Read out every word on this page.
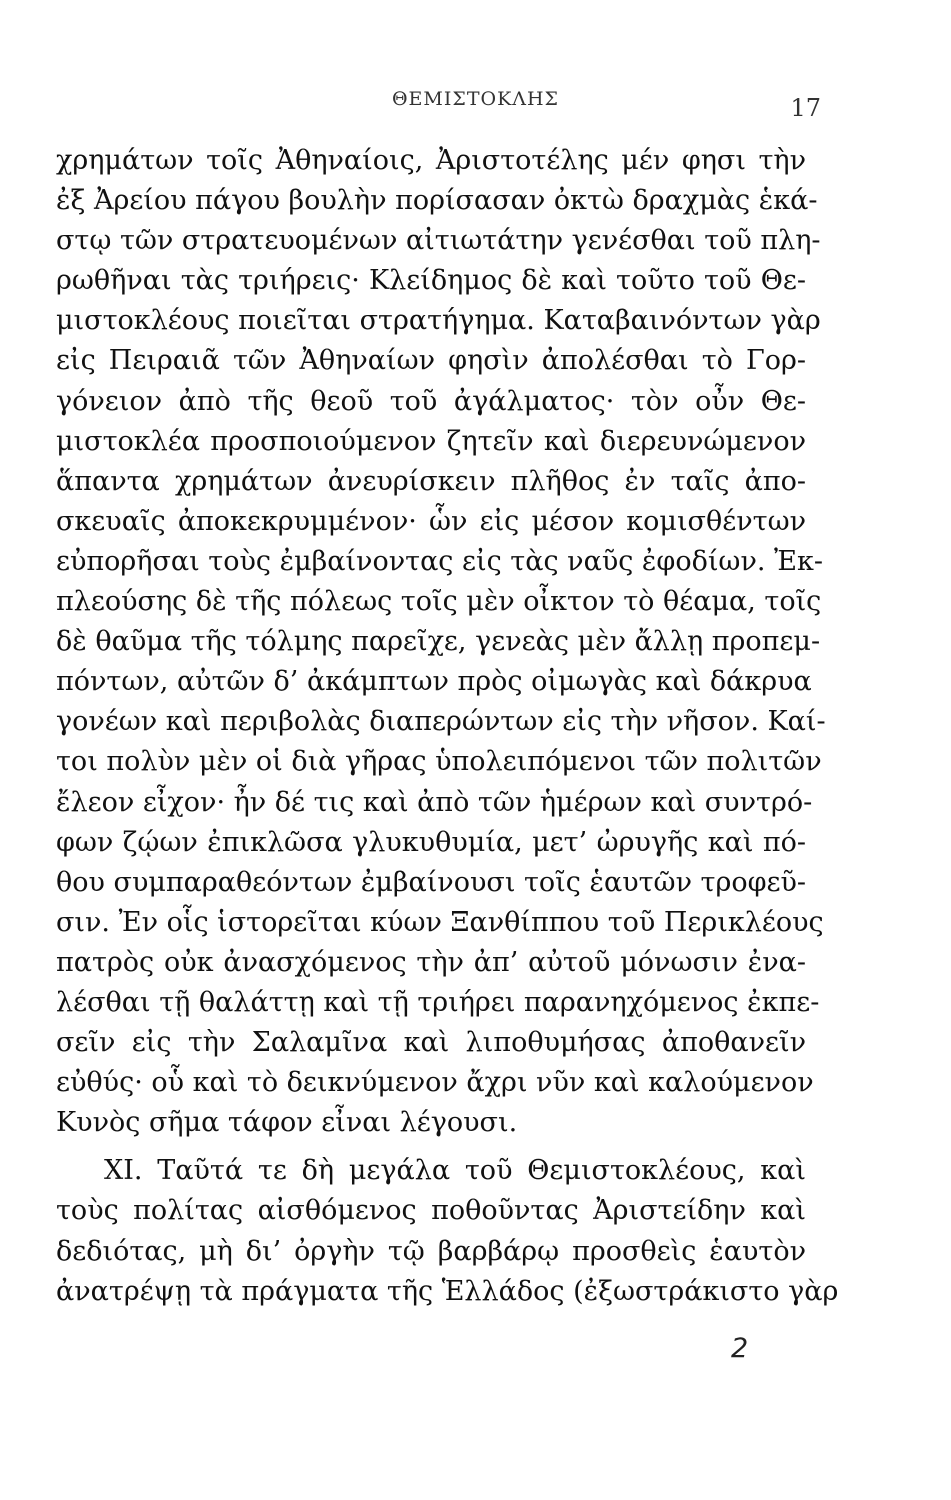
ΘΕΜΙΣΤΟΚΛΗΣ	17
χρημάτων τοῖς Ἀθηναίοις, Ἀριστοτέλης μέν φησι τὴν
ἐξ Ἀρείου πάγου βουλὴν πορίσασαν ὀκτὼ δραχμὰς ἑκά-
στῳ τῶν στρατευομένων αἰτιωτάτην γενέσθαι τοῦ πλη-
ρωθῆναι τὰς τριήρεις· Κλείδημος δὲ καὶ τοῦτο τοῦ Θε-
μιστοκλέους ποιεῖται στρατήγημα. Καταβαινόντων γὰρ
εἰς Πειραιᾶ τῶν Ἀθηναίων φησὶν ἀπολέσθαι τὸ Γορ-
γόνειον ἀπὸ τῆς θεοῦ τοῦ ἀγάλματος· τὸν οὖν Θε-
μιστοκλέα προσποιούμενον ζητεῖν καὶ διερευνώμενον
ἅπαντα χρημάτων ἀνευρίσκειν πλῆθος ἐν ταῖς ἀπο-
σκευαῖς ἀποκεκρυμμένον· ὧν εἰς μέσον κομισθέντων
εὐπορῆσαι τοὺς ἐμβαίνοντας εἰς τὰς ναῦς ἐφοδίων. Ἐκ-
πλεούσης δὲ τῆς πόλεως τοῖς μὲν οἶκτον τὸ θέαμα, τοῖς
δὲ θαῦμα τῆς τόλμης παρεῖχε, γενεὰς μὲν ἄλλῃ προπεμ-
πόντων, αὐτῶν δ’ ἀκάμπτων πρὸς οἰμωγὰς καὶ δάκρυα
γονέων καὶ περιβολὰς διαπερώντων εἰς τὴν νῆσον. Καί-
τοι πολὺν μὲν οἱ διὰ γῆρας ὑπολειπόμενοι τῶν πολιτῶν
ἔλεον εἶχον· ἦν δέ τις καὶ ἀπὸ τῶν ἡμέρων καὶ συντρό-
φων ζῴων ἐπικλῶσα γλυκυθυμία, μετ’ ὠρυγῆς καὶ πό-
θου συμπαραθεόντων ἐμβαίνουσι τοῖς ἑαυτῶν τροφεῦ-
σιν. Ἐν οἷς ἱστορεῖται κύων Ξανθίππου τοῦ Περικλέους
πατρὸς οὐκ ἀνασχόμενος τὴν ἀπ’ αὐτοῦ μόνωσιν ἐνα-
λέσθαι τῇ θαλάττῃ καὶ τῇ τριήρει παρανηχόμενος ἐκπε-
σεῖν εἰς τὴν Σαλαμῖνα καὶ λιποθυμήσας ἀποθανεῖν
εὐθύς· οὗ καὶ τὸ δεικνύμενον ἄχρι νῦν καὶ καλούμενον
Κυνὸς σῆμα τάφον εἶναι λέγουσι.
XI. Ταῦτά τε δὴ μεγάλα τοῦ Θεμιστοκλέους, καὶ
τοὺς πολίτας αἰσθόμενος ποθοῦντας Ἀριστείδην καὶ
δεδιότας, μὴ δι’ ὀργὴν τῷ βαρβάρῳ προσθεὶς ἑαυτὸν
ἀνατρέψῃ τὰ πράγματα τῆς Ἑλλάδος (ἐξωστράκιστο γὰρ
2
